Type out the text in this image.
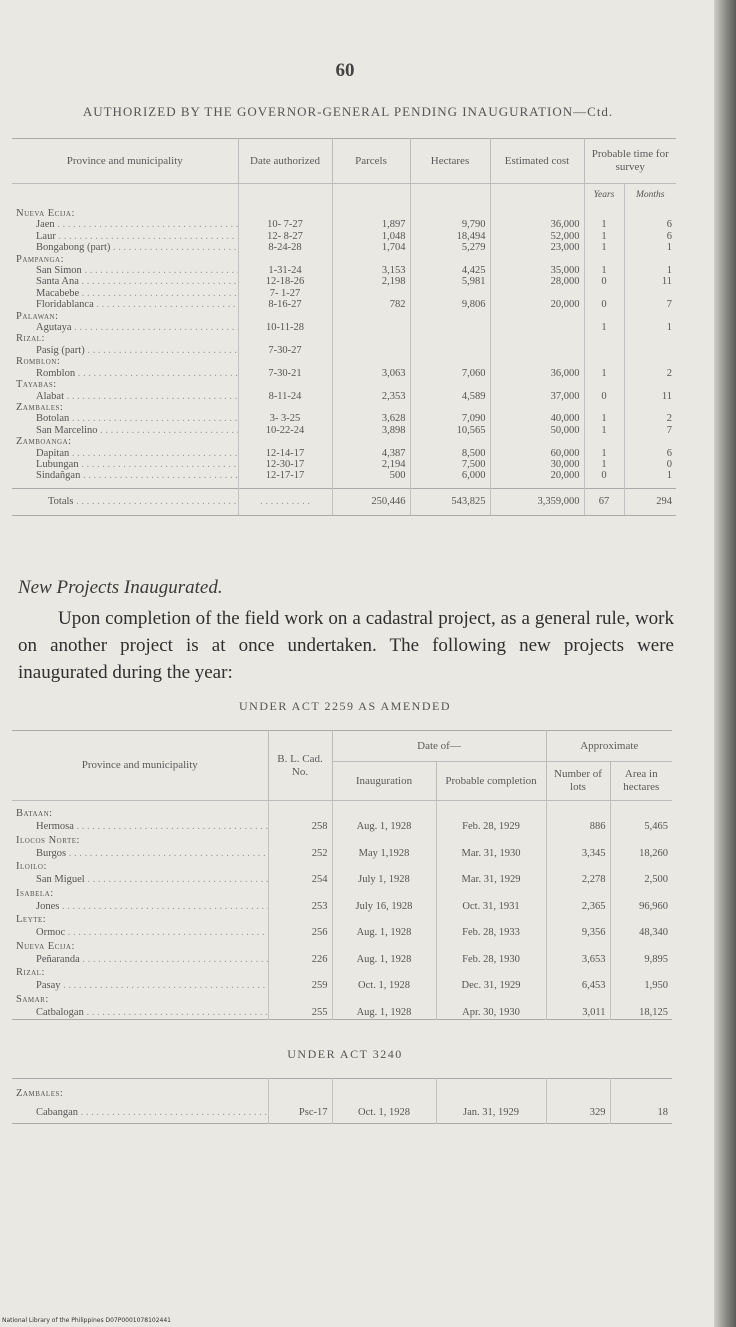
60
AUTHORIZED BY THE GOVERNOR-GENERAL PENDING INAUGURATION—Ctd.
Province and municipality	Date authorized	Parcels	Hectares	Estimated cost	Probable time for survey	
					Years	Months
Nueva Ecija:						
Jaen . . .	10- 7-27	1,897	9,790	36,000	1	6
Laur . . .	12- 8-27	1,048	18,494	52,000	1	6
Bongabong (part) . . .	8-24-28	1,704	5,279	23,000	1	1
Pampanga:						
San Simon . . .	1-31-24	3,153	4,425	35,000	1	1
Santa Ana . . .	12-18-26	2,198	5,981	28,000	0	11
Macabebe . . .	7- 1-27					
Floridablanca . . .	8-16-27	782	9,806	20,000	0	7
Palawan:						
Agutaya . . .	10-11-28				1	1
Rizal:						
Pasig (part) . . .	7-30-27					
Romblon:						
Romblon . . .	7-30-21	3,063	7,060	36,000	1	2
Tayabas:						
Alabat . . .	8-11-24	2,353	4,589	37,000	0	11
Zambales:						
Botolan . . .	3- 3-25	3,628	7,090	40,000	1	2
San Marcelino . . .	10-22-24	3,898	10,565	50,000	1	7
Zamboanga:						
Dapitan . . .	12-14-17	4,387	8,500	60,000	1	6
Lubungan . . .	12-30-17	2,194	7,500	30,000	1	0
Sindañgan . . .	12-17-17	500	6,000	20,000	0	1

Totals . . .	. . . . . . . . . .	250,446	543,825	3,359,000	67	294
New Projects Inaugurated.
Upon completion of the field work on a cadastral project, as a general rule, work on another project is at once undertaken. The following new projects were inaugurated during the year:
UNDER ACT 2259 AS AMENDED
Province and municipality	B. L. Cad. No.	Date of—		Approximate	
		Inauguration	Probable completion	Number of lots	Area in hectares
Bataan:					
Hermosa . . .	258	Aug. 1, 1928	Feb. 28, 1929	886	5,465
Ilocos Norte:					
Burgos . . .	252	May 1,1928	Mar. 31, 1930	3,345	18,260
Iloilo:					
San Miguel . . .	254	July 1, 1928	Mar. 31, 1929	2,278	2,500
Isabela:					
Jones . . .	253	July 16, 1928	Oct. 31, 1931	2,365	96,960
Leyte:					
Ormoc . . .	256	Aug. 1, 1928	Feb. 28, 1933	9,356	48,340
Nueva Ecija:					
Peñaranda . . .	226	Aug. 1, 1928	Feb. 28, 1930	3,653	9,895
Rizal:					
Pasay . . .	259	Oct. 1, 1928	Dec. 31, 1929	6,453	1,950
Samar:					
Catbalogan . . .	255	Aug. 1, 1928	Apr. 30, 1930	3,011	18,125
UNDER ACT 3240
Zambales:					
Cabangan . . .	Psc-17	Oct. 1, 1928	Jan. 31, 1929	329	18
National Library of the Philippines D07P0001078102441
